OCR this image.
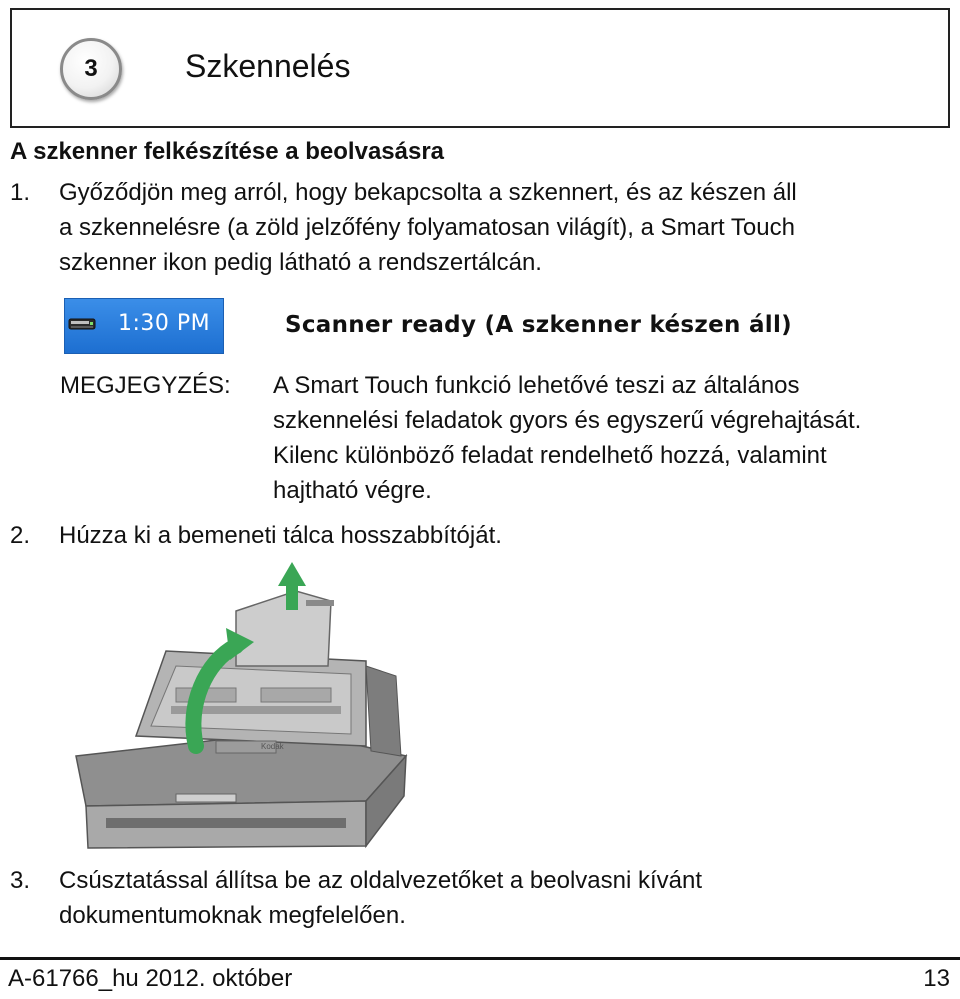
3	Szkennelés
A szkenner felkészítése a beolvasásra
1. Győződjön meg arról, hogy bekapcsolta a szkennert, és az készen áll
a szkennelésre (a zöld jelzőfény folyamatosan világít), a Smart Touch
szkenner ikon pedig látható a rendszertálcán.
1:30 PM	Scanner ready (A szkenner készen áll)
MEGJEGYZÉS: A Smart Touch funkció lehetővé teszi az általános
szkennelési feladatok gyors és egyszerű végrehajtását.
Kilenc különböző feladat rendelhető hozzá, valamint
hajtható végre.
2. Húzza ki a bemeneti tálca hosszabbítóját.
Kodak
3. Csúsztatással állítsa be az oldalvezetőket a beolvasni kívánt
dokumentumoknak megfelelően.
A-61766_hu 2012. október	13
